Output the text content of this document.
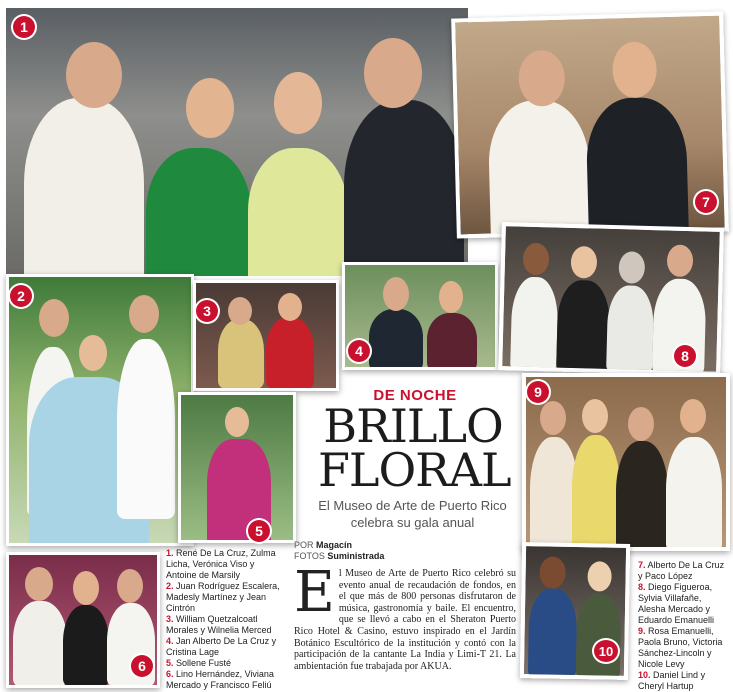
1
7
2
3
4	8
5
9
6
10
DE NOCHE
BRILLO
FLORAL
El Museo de Arte de Puerto Rico celebra su gala anual
POR Magacín
FOTOS Suministrada
El Museo de Arte de Puerto Rico celebró su evento anual de recaudación de fondos, en el que más de 800 personas disfrutaron de música, gastronomía y baile. El encuentro, que se llevó a cabo en el Sheraton Puerto Rico Hotel & Casino, estuvo inspirado en el Jardín Botánico Escultórico de la institución y contó con la participación de la cantante La India y Limi-T 21. La ambientación fue trabajada por AKUA.
1. René De La Cruz, Zulma Licha, Verónica Viso y Antoine de Marsily
2. Juan Rodríguez Escalera, Madesly Martínez y Jean Cintrón
3. William Quetzalcoatl Morales y Wilnelia Merced
4. Jan Alberto De La Cruz y Cristina Lage
5. Sollene Fusté
6. Lino Hernández, Viviana Mercado y Francisco Feliú
7. Alberto De La Cruz y Paco López
8. Diego Figueroa, Sylvia Villafañe, Alesha Mercado y Eduardo Emanuelli
9. Rosa Emanuelli, Paola Bruno, Victoria Sánchez-Lincoln y Nicole Levy
10. Daniel Lind y Cheryl Hartup
